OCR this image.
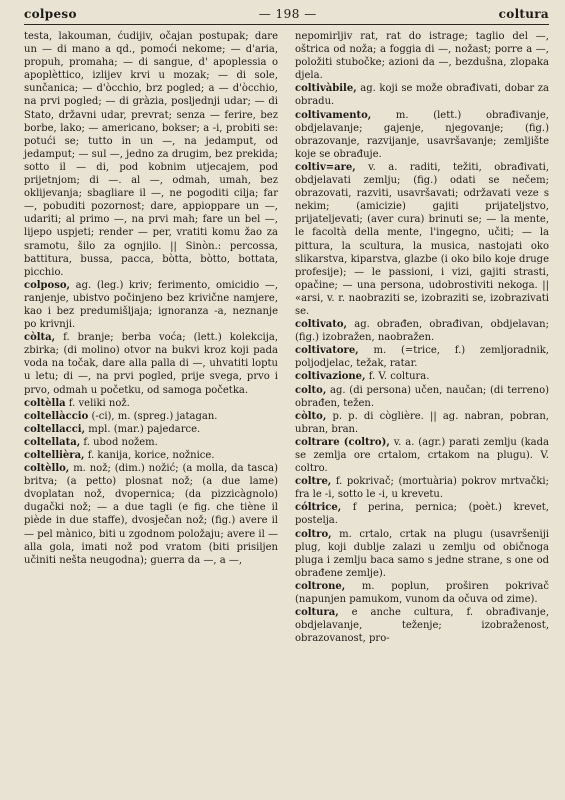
colpeso	— 198 —	coltura

testa, lakouman, ćudijiv, očajan postupak; dare un — di mano a qd., pomoći nekome; — d'aria, propuh, promaha; — di sangue, d' apoplessia o apoplèttico, izlijev krvi u mozak; — di sole, sunčanica; — d'òcchio, brz pogled; a — d'òcchio, na prvi pogled; — di gràzia, posljednji udar; — di Stato, državni udar, prevrat; senza — ferire, bez borbe, lako; — americano, bokser; a -i, probiti se: potući se; tutto in un —, na jedamput, od jedamput; — sul —, jedno za drugim, bez prekida; sotto il — di, pod kobnim utjecajem, pod prijetnjom; di —. al —, odmah, umah, bez oklijevanja; sbagliare il —, ne pogoditi cilja; far —, pobuditi pozornost; dare, appioppare un —, udariti; al primo —, na prvi mah; fare un bel —, lijepo uspjeti; render — per, vratiti komu žao za sramotu, šilo za ognjilo. || Sinòn.: percossa, battitura, bussa, pacca, bòtta, bòtto, bottata, picchio.

colposo, ag. (leg.) kriv; ferimento, omicidio —, ranjenje, ubistvo počinjeno bez krivične namjere, kao i bez predumišljaja; ignoranza -a, neznanje po krivnji.

còlta, f. branje; berba voća; (lett.) kolekcija, zbirka; (di molino) otvor na bukvi kroz koji pada voda na točak, dare alla palla di —, uhvatiti loptu u letu; di —, na prvi pogled, prije svega, prvo i prvo, odmah u početku, od samoga početka.

coltèlla f. veliki nož.

coltellàccio (-ci), m. (spreg.) jatagan.

coltellacci, mpl. (mar.) pajedarce.

coltellata, f. ubod nožem.

coltellièra, f. kanija, korice, nožnice.

coltèllo, m. nož; (dim.) nožić; (a molla, da tasca) britva; (a petto) plosnat nož; (a due lame) dvoplatan nož, dvopernica; (da pizzicàgnolo) dugački nož; — a due tagli (e fig. che tiène il piède in due staffe), dvosječan nož; (fig.) avere il — pel mànico, biti u zgodnom položaju; avere il — alla gola, imati nož pod vratom (biti prisiljen učiniti nešta neugodna); guerra da —, a —,

nepomirljiv rat, rat do istrage; taglio del —, oštrica od noža; a foggia di —, nožast; porre a —, položiti stubočke; azioni da —, bezdušna, zlopaka djela.

coltivàbile, ag. koji se može obrađivati, dobar za obradu.

coltivamento, m. (lett.) obrađivanje, obdjelavanje; gajenje, njegovanje; (fig.) obrazovanje, razvijanje, usavršavanje; zemljište koje se obrađuje.

coltiv=are, v. a. raditi, težiti, obrađivati, obdjelavati zemlju; (fig.) odati se nečem; obrazovati, razviti, usavršavati; održavati veze s nekim; (amicizie) gajiti prijateljstvo, prijateljevati; (aver cura) brinuti se; — la mente, le facoltà della mente, l'ingegno, učiti; — la pittura, la scultura, la musica, nastojati oko slikarstva, kiparstva, glazbe (i oko bilo koje druge profesije); — le passioni, i vizi, gajiti strasti, opačine; — una persona, udobrostiviti nekoga. || «arsi, v. r. naobraziti se, izobraziti se, izobrazivati se.

coltivato, ag. obrađen, obrađivan, obdjelavan; (fig.) izobražen, naobražen.

coltivatore, m. (=trice, f.) zemljoradnik, poljodjelac, težak, ratar.

coltivazione, f. V. coltura.

colto, ag. (di persona) učen, naučan; (di terreno) obrađen, težen.

còlto, p. p. di còglière. || ag. nabran, pobran, ubran, bran.

coltrare (coltro), v. a. (agr.) parati zemlju (kada se zemlja ore crtalom, crtakom na plugu). V. coltro.

coltre, f. pokrivač; (mortuària) pokrov mrtvački; fra le -i, sotto le -i, u krevetu.

cóltrice, f perina, pernica; (poèt.) krevet, postelja.

coltro, m. crtalo, crtak na plugu (usavršeniji plug, koji dublje zalazi u zemlju od običnoga pluga i zemlju baca samo s jedne strane, s one od obrađene zemlje).

coltrone, m. poplun, proširen pokrivač (napunjen pamukom, vunom da očuva od zime).

coltura, e anche cultura, f. obrađivanje, obdjelavanje, teženje; izobraženost, obrazovanost, pro-
